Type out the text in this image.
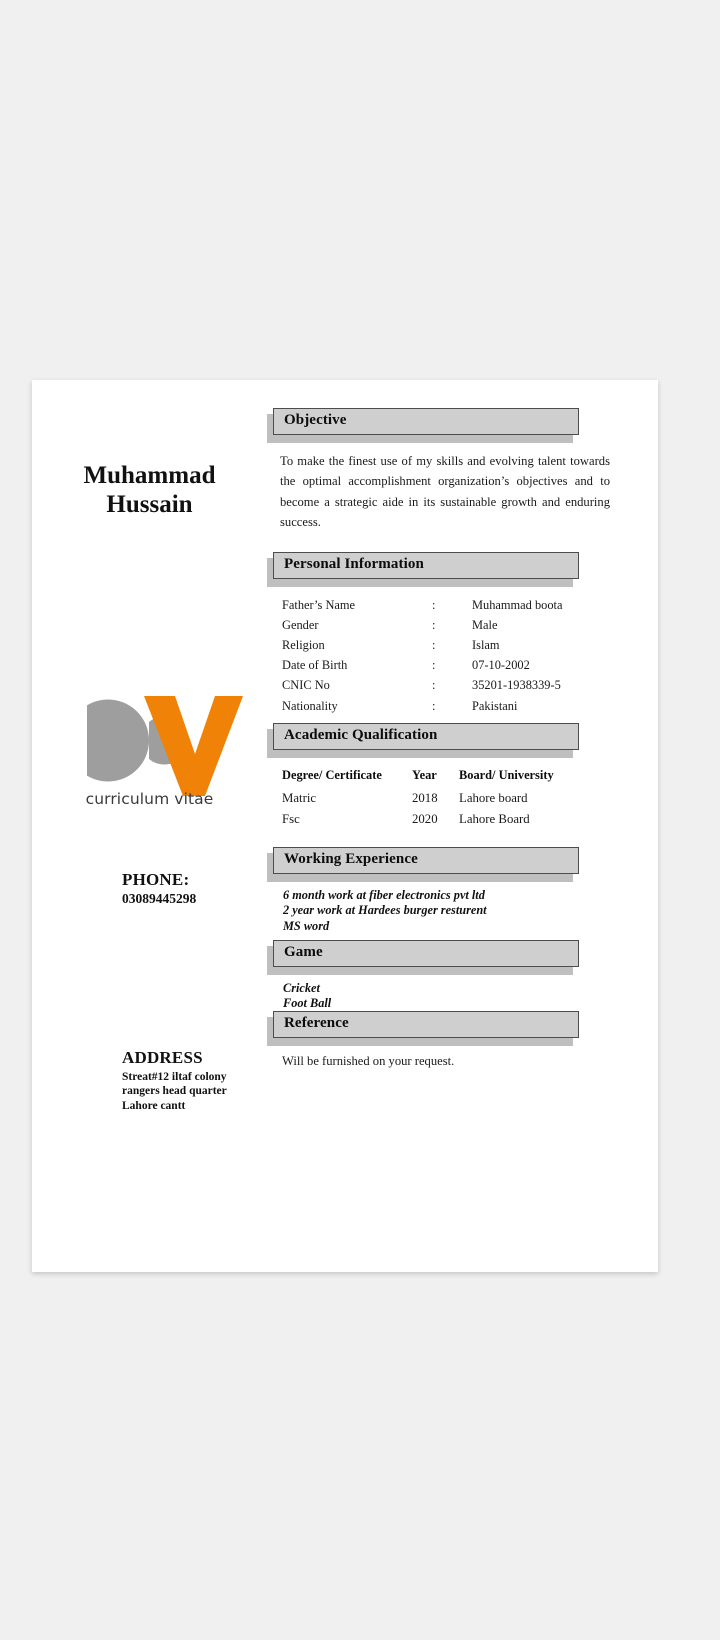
Muhammad
Hussain
curriculum vitae
PHONE:
03089445298
ADDRESS
Streat#12 iltaf colony
rangers head quarter
Lahore cantt
Objective
To make the finest use of my skills and evolving talent towards the optimal accomplishment organization’s objectives and to become a strategic aide in its sustainable growth and enduring success.
Personal Information
Father’s Name	:	Muhammad boota
Gender	:	Male
Religion	:	Islam
Date of Birth	:	07-10-2002
CNIC No	:	35201-1938339-5
Nationality	:	Pakistani
Academic Qualification
Degree/ Certificate	Year	Board/ University
Matric	2018	Lahore board
Fsc	2020	Lahore Board
Working Experience
6 month work at fiber electronics pvt ltd
2 year work at Hardees burger resturent
MS word
Game
Cricket
Foot Ball
Reference
Will be furnished on your request.
